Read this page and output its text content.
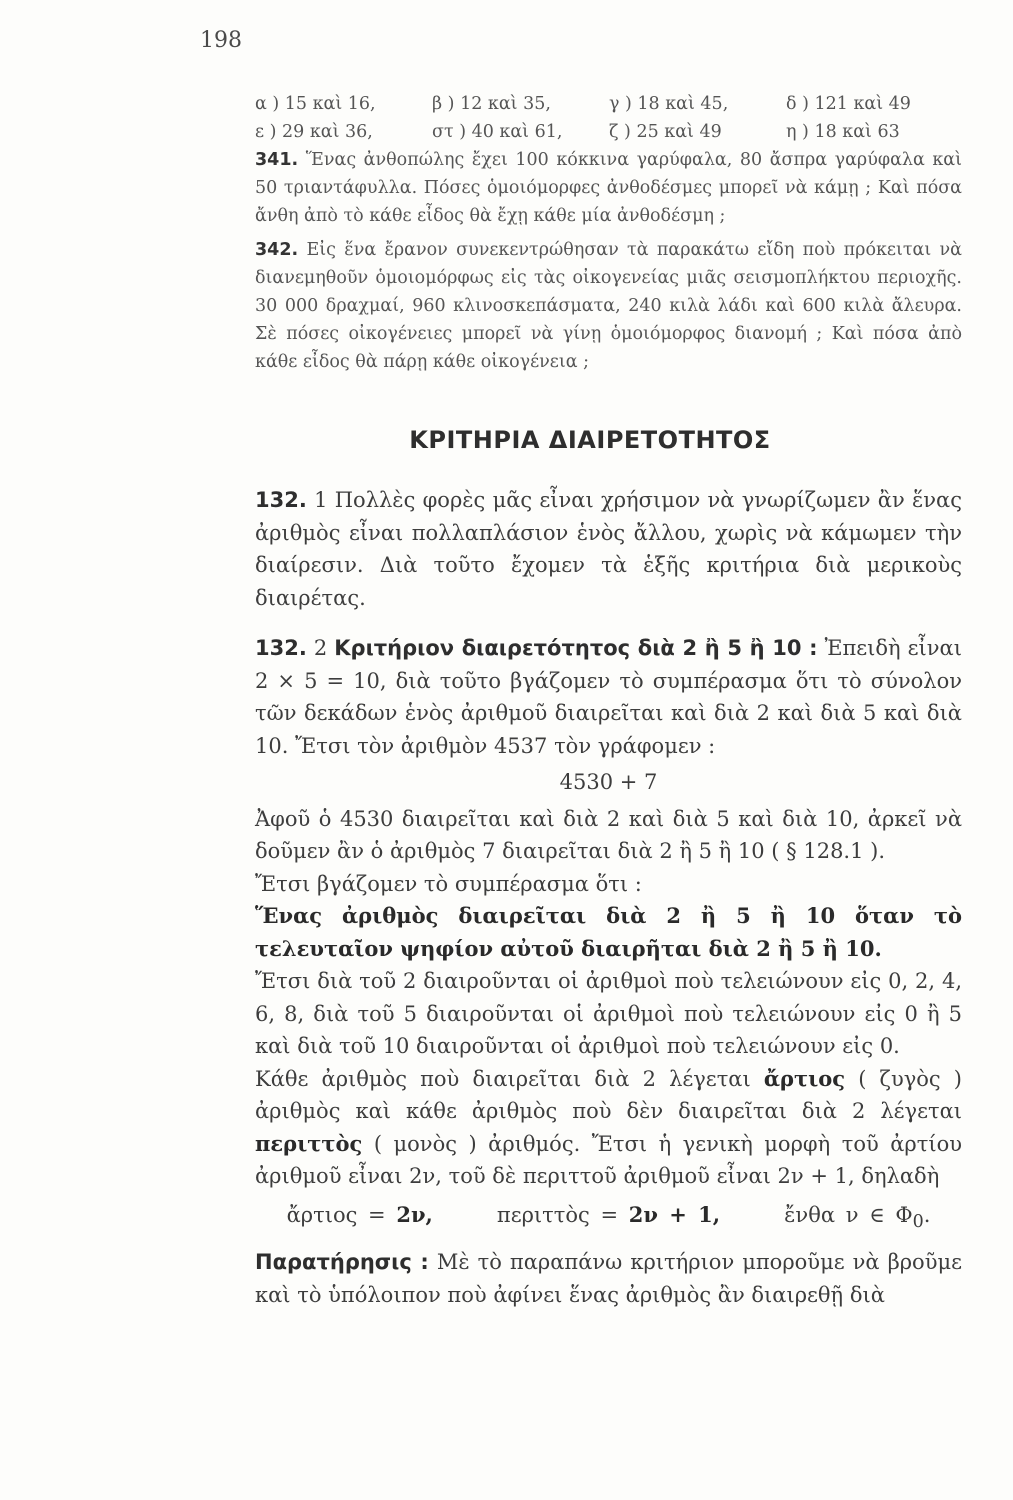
198
α ) 15 καὶ 16,	β ) 12 καὶ 35,	γ ) 18 καὶ 45,	δ ) 121 καὶ 49
ε ) 29 καὶ 36,	στ ) 40 καὶ 61,	ζ ) 25 καὶ 49	η ) 18 καὶ 63

341. Ἕνας ἀνθοπώλης ἔχει 100 κόκκινα γαρύφαλα, 80 ἄσπρα γαρύφαλα καὶ 50 τριαντάφυλλα. Πόσες ὁμοιόμορφες ἀνθοδέσμες μπορεῖ νὰ κάμῃ ; Καὶ πόσα ἄνθη ἀπὸ τὸ κάθε εἶδος θὰ ἔχῃ κάθε μία ἀνθοδέσμη ;

342. Εἰς ἕνα ἔρανον συνεκεντρώθησαν τὰ παρακάτω εἴδη ποὺ πρόκειται νὰ διανεμηθοῦν ὁμοιομόρφως εἰς τὰς οἰκογενείας μιᾶς σεισμοπλήκτου περιοχῆς. 30 000 δραχμαί, 960 κλινοσκεπάσματα, 240 κιλὰ λάδι καὶ 600 κιλὰ ἄλευρα. Σὲ πόσες οἰκογένειες μπορεῖ νὰ γίνῃ ὁμοιόμορφος διανομή ; Καὶ πόσα ἀπὸ κάθε εἶδος θὰ πάρῃ κάθε οἰκογένεια ;

ΚΡΙΤΗΡΙΑ ΔΙΑΙΡΕΤΟΤΗΤΟΣ

132. 1 Πολλὲς φορὲς μᾶς εἶναι χρήσιμον νὰ γνωρίζωμεν ἂν ἕνας ἀριθμὸς εἶναι πολλαπλάσιον ἑνὸς ἄλλου, χωρὶς νὰ κάμωμεν τὴν διαίρεσιν. Διὰ τοῦτο ἔχομεν τὰ ἑξῆς κριτήρια διὰ μερικοὺς διαιρέτας.

132. 2 Κριτήριον διαιρετότητος διὰ 2 ἢ 5 ἢ 10 : Ἐπειδὴ εἶναι 2 × 5 = 10, διὰ τοῦτο βγάζομεν τὸ συμπέρασμα ὅτι τὸ σύνολον τῶν δεκάδων ἑνὸς ἀριθμοῦ διαιρεῖται καὶ διὰ 2 καὶ διὰ 5 καὶ διὰ 10. Ἔτσι τὸν ἀριθμὸν 4537 τὸν γράφομεν :

4530 + 7

Ἀφοῦ ὁ 4530 διαιρεῖται καὶ διὰ 2 καὶ διὰ 5 καὶ διὰ 10, ἀρκεῖ νὰ δοῦμεν ἂν ὁ ἀριθμὸς 7 διαιρεῖται διὰ 2 ἢ 5 ἢ 10 ( § 128.1 ).

Ἔτσι βγάζομεν τὸ συμπέρασμα ὅτι :

Ἕνας ἀριθμὸς διαιρεῖται διὰ 2 ἢ 5 ἢ 10 ὅταν τὸ τελευταῖον ψηφίον αὐτοῦ διαιρῆται διὰ 2 ἢ 5 ἢ 10.

Ἔτσι διὰ τοῦ 2 διαιροῦνται οἱ ἀριθμοὶ ποὺ τελειώνουν εἰς 0, 2, 4, 6, 8, διὰ τοῦ 5 διαιροῦνται οἱ ἀριθμοὶ ποὺ τελειώνουν εἰς 0 ἢ 5 καὶ διὰ τοῦ 10 διαιροῦνται οἱ ἀριθμοὶ ποὺ τελειώνουν εἰς 0.

Κάθε ἀριθμὸς ποὺ διαιρεῖται διὰ 2 λέγεται ἄρτιος ( ζυγὸς ) ἀριθμὸς καὶ κάθε ἀριθμὸς ποὺ δὲν διαιρεῖται διὰ 2 λέγεται περιττὸς ( μονὸς ) ἀριθμός. Ἔτσι ἡ γενικὴ μορφὴ τοῦ ἀρτίου ἀριθμοῦ εἶναι 2ν, τοῦ δὲ περιττοῦ ἀριθμοῦ εἶναι 2ν + 1, δηλαδὴ

ἄρτιος = 2ν,	περιττὸς = 2ν + 1,	ἔνθα ν ∈ $\Phi_0$.

Παρατήρησις : Μὲ τὸ παραπάνω κριτήριον μποροῦμε νὰ βροῦμε καὶ τὸ ὑπόλοιπον ποὺ ἀφίνει ἕνας ἀριθμὸς ἂν διαιρεθῇ διὰ
